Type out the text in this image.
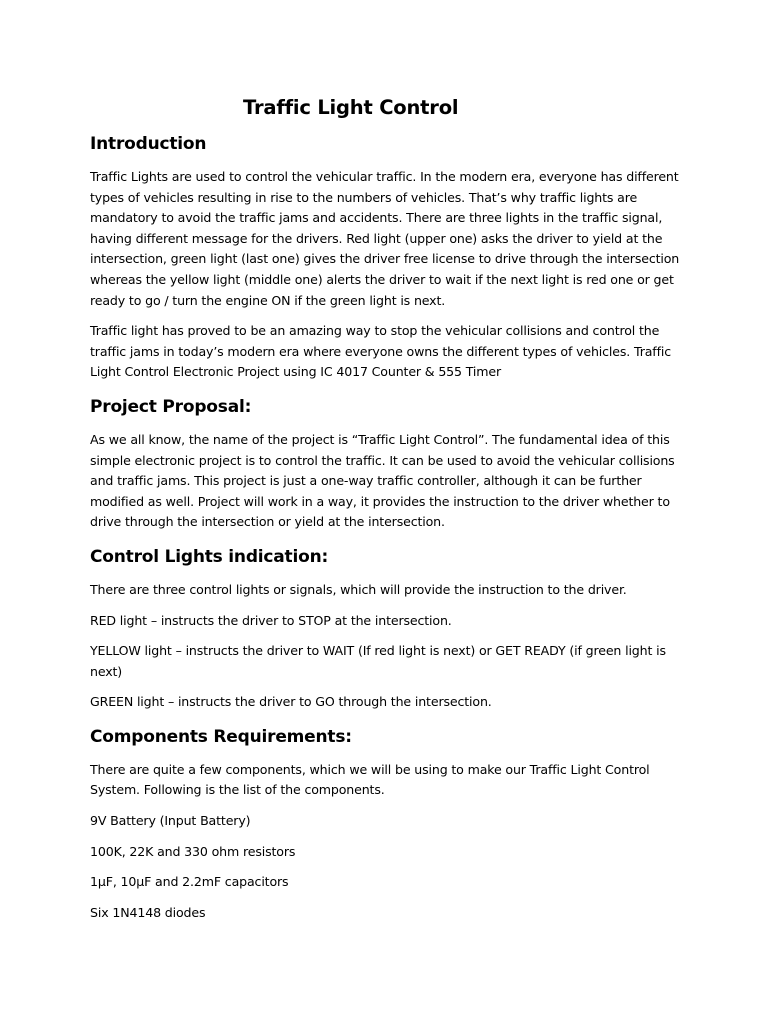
Traffic Light Control
Introduction

Traffic Lights are used to control the vehicular traffic. In the modern era, everyone has different types of vehicles resulting in rise to the numbers of vehicles. That’s why traffic lights are mandatory to avoid the traffic jams and accidents. There are three lights in the traffic signal, having different message for the drivers. Red light (upper one) asks the driver to yield at the intersection, green light (last one) gives the driver free license to drive through the intersection whereas the yellow light (middle one) alerts the driver to wait if the next light is red one or get ready to go / turn the engine ON if the green light is next.

Traffic light has proved to be an amazing way to stop the vehicular collisions and control the traffic jams in today’s modern era where everyone owns the different types of vehicles. Traffic Light Control Electronic Project using IC 4017 Counter & 555 Timer

Project Proposal:

As we all know, the name of the project is “Traffic Light Control”. The fundamental idea of this simple electronic project is to control the traffic. It can be used to avoid the vehicular collisions and traffic jams. This project is just a one-way traffic controller, although it can be further modified as well. Project will work in a way, it provides the instruction to the driver whether to drive through the intersection or yield at the intersection.

Control Lights indication:

There are three control lights or signals, which will provide the instruction to the driver.

RED light – instructs the driver to STOP at the intersection.

YELLOW light – instructs the driver to WAIT (If red light is next) or GET READY (if green light is next)

GREEN light – instructs the driver to GO through the intersection.

Components Requirements:

There are quite a few components, which we will be using to make our Traffic Light Control System. Following is the list of the components.

9V Battery (Input Battery)

100K, 22K and 330 ohm resistors

1µF, 10µF and 2.2mF capacitors

Six 1N4148 diodes
